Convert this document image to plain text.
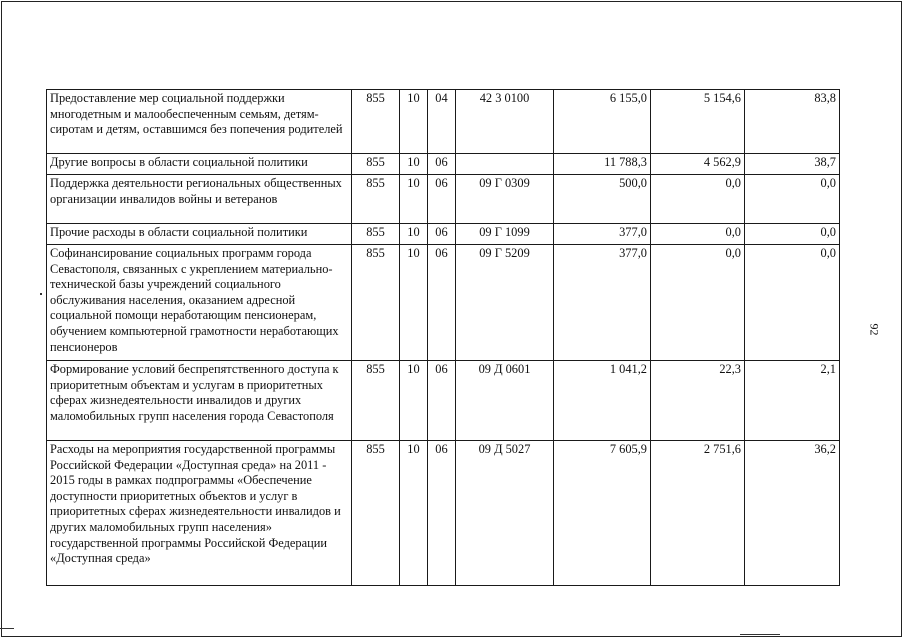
Предоставление мер социальной поддержки многодетным и малообеспеченным семьям, детям-сиротам и детям, оставшимся без попечения родителей	855	10	04	42 3 0100	6 155,0	5 154,6	83,8
Другие вопросы в области социальной политики	855	10	06		11 788,3	4 562,9	38,7
Поддержка деятельности региональных общественных организации инвалидов войны и ветеранов	855	10	06	09 Г 0309	500,0	0,0	0,0
Прочие расходы в области социальной политики	855	10	06	09 Г 1099	377,0	0,0	0,0
Софинансирование социальных программ города Севастополя, связанных с укреплением материально-технической базы учреждений социального обслуживания населения, оказанием адресной социальной помощи неработающим пенсионерам, обучением компьютерной грамотности неработающих пенсионеров	855	10	06	09 Г 5209	377,0	0,0	0,0
Формирование условий беспрепятственного доступа к приоритетным объектам и услугам в приоритетных сферах жизнедеятельности инвалидов и других маломобильных групп населения города Севастополя	855	10	06	09 Д 0601	1 041,2	22,3	2,1
Расходы на мероприятия государственной программы Российской Федерации «Доступная среда» на 2011 - 2015 годы в рамках подпрограммы «Обеспечение доступности приоритетных объектов и услуг в приоритетных сферах жизнедеятельности инвалидов и других маломобильных групп населения» государственной программы Российской Федерации «Доступная среда»	855	10	06	09 Д 5027	7 605,9	2 751,6	36,2
92
